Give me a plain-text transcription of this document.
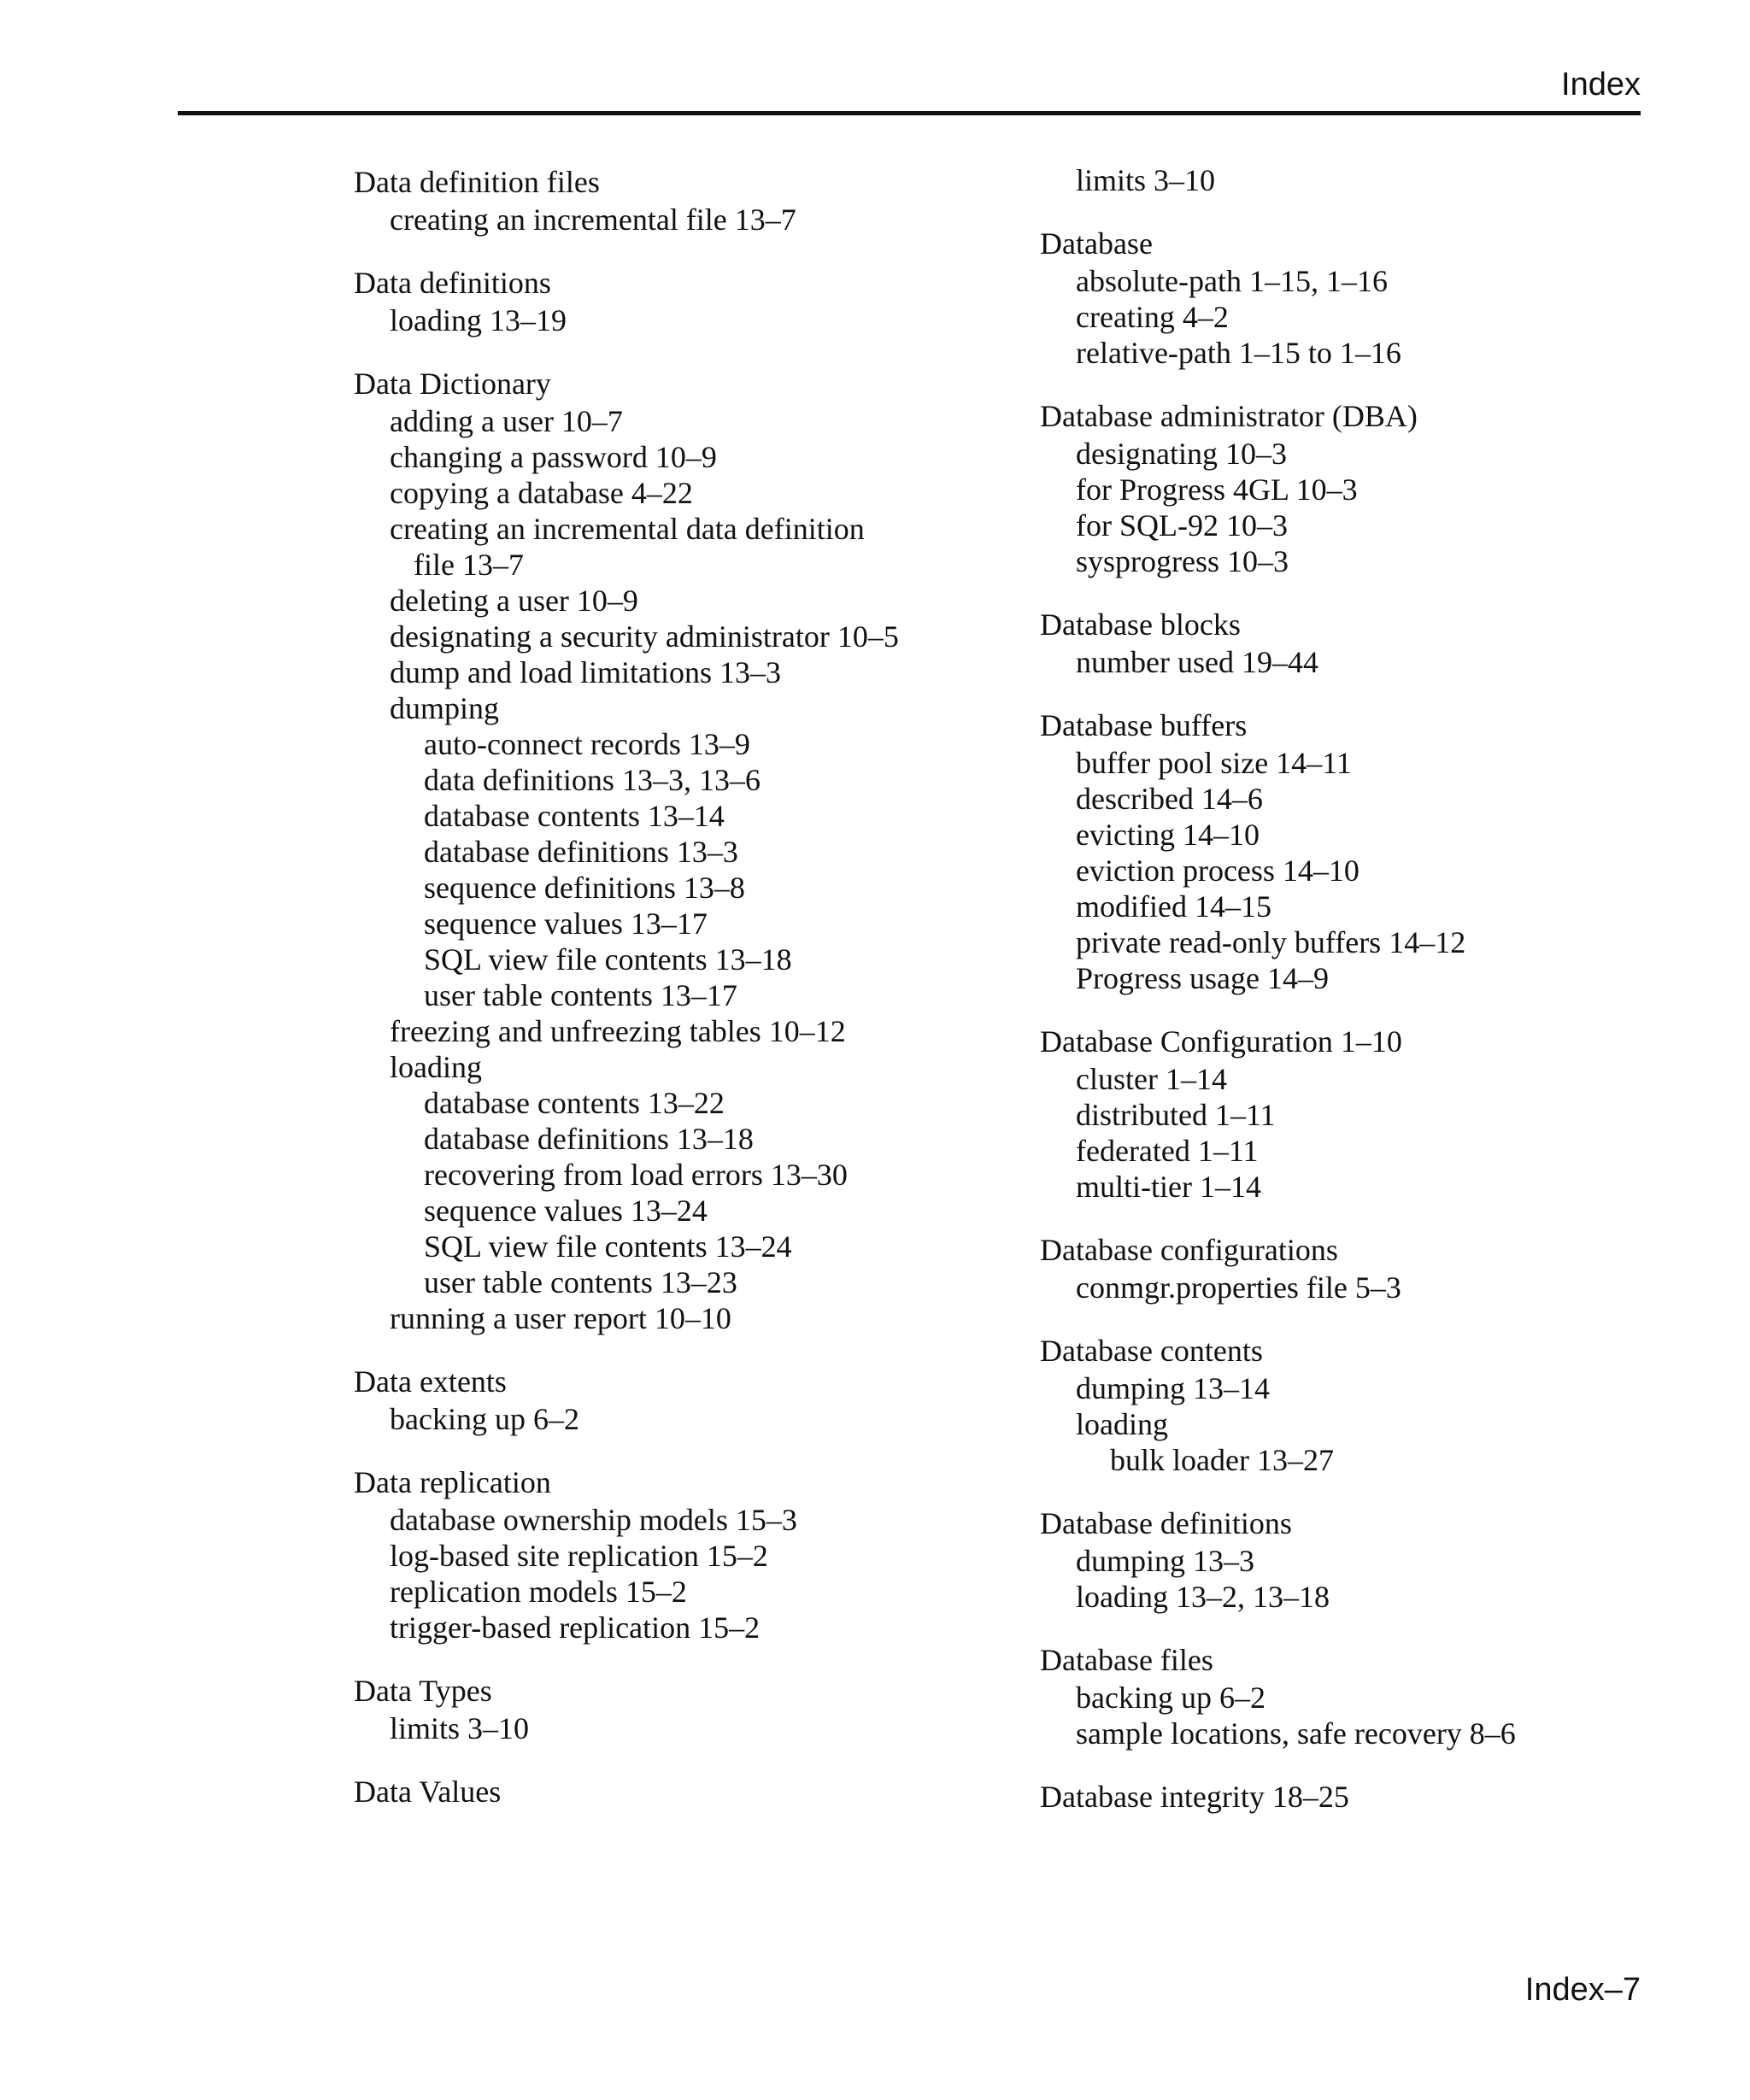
Index
Data definition files
creating an incremental file 13–7
Data definitions
loading 13–19
Data Dictionary
adding a user 10–7
changing a password 10–9
copying a database 4–22
creating an incremental data definition
file 13–7
deleting a user 10–9
designating a security administrator 10–5
dump and load limitations 13–3
dumping
auto-connect records 13–9
data definitions 13–3, 13–6
database contents 13–14
database definitions 13–3
sequence definitions 13–8
sequence values 13–17
SQL view file contents 13–18
user table contents 13–17
freezing and unfreezing tables 10–12
loading
database contents 13–22
database definitions 13–18
recovering from load errors 13–30
sequence values 13–24
SQL view file contents 13–24
user table contents 13–23
running a user report 10–10
Data extents
backing up 6–2
Data replication
database ownership models 15–3
log-based site replication 15–2
replication models 15–2
trigger-based replication 15–2
Data Types
limits 3–10
Data Values
limits 3–10
Database
absolute-path 1–15, 1–16
creating 4–2
relative-path 1–15 to 1–16
Database administrator (DBA)
designating 10–3
for Progress 4GL 10–3
for SQL-92 10–3
sysprogress 10–3
Database blocks
number used 19–44
Database buffers
buffer pool size 14–11
described 14–6
evicting 14–10
eviction process 14–10
modified 14–15
private read-only buffers 14–12
Progress usage 14–9
Database Configuration 1–10
cluster 1–14
distributed 1–11
federated 1–11
multi-tier 1–14
Database configurations
conmgr.properties file 5–3
Database contents
dumping 13–14
loading
bulk loader 13–27
Database definitions
dumping 13–3
loading 13–2, 13–18
Database files
backing up 6–2
sample locations, safe recovery 8–6
Database integrity 18–25
Index–7
